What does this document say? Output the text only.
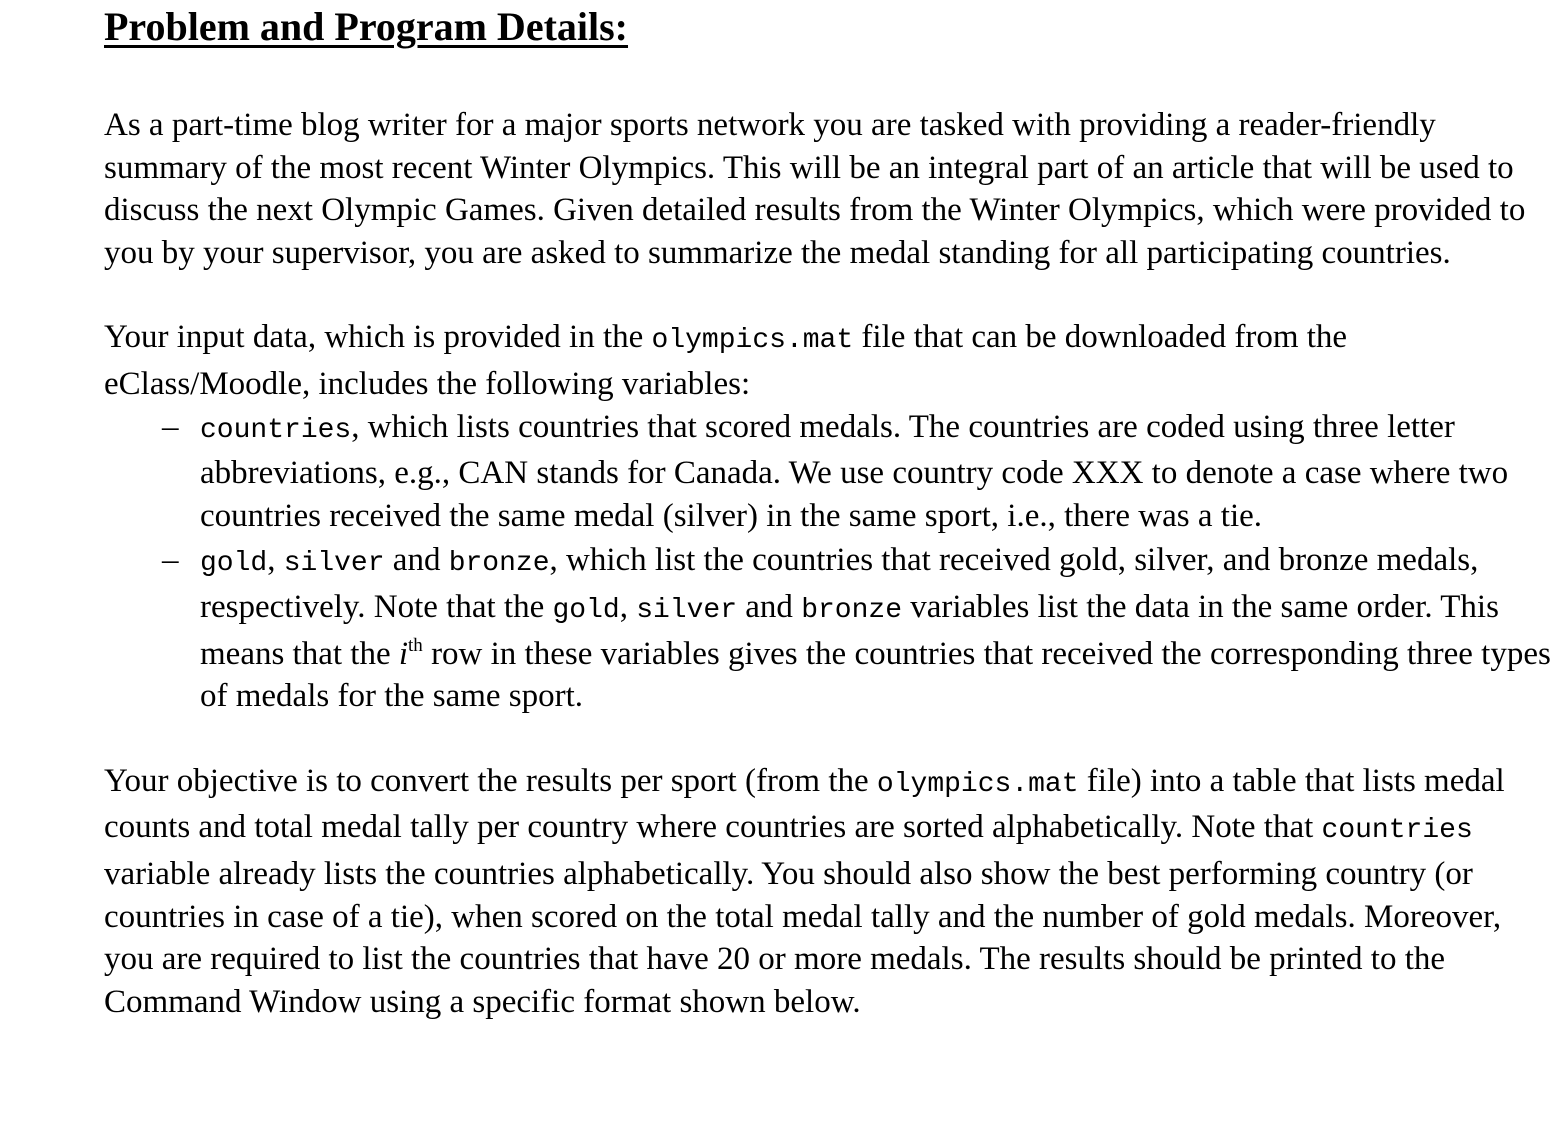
Problem and Program Details:

As a part-time blog writer for a major sports network you are tasked with providing a reader-friendly summary of the most recent Winter Olympics. This will be an integral part of an article that will be used to discuss the next Olympic Games. Given detailed results from the Winter Olympics, which were provided to you by your supervisor, you are asked to summarize the medal standing for all participating countries.

Your input data, which is provided in the olympics.mat file that can be downloaded from the eClass/Moodle, includes the following variables:

– countries, which lists countries that scored medals. The countries are coded using three letter abbreviations, e.g., CAN stands for Canada. We use country code XXX to denote a case where two countries received the same medal (silver) in the same sport, i.e., there was a tie.
– gold, silver and bronze, which list the countries that received gold, silver, and bronze medals, respectively. Note that the gold, silver and bronze variables list the data in the same order. This means that the $i^{th}$ row in these variables gives the countries that received the corresponding three types of medals for the same sport.

Your objective is to convert the results per sport (from the olympics.mat file) into a table that lists medal counts and total medal tally per country where countries are sorted alphabetically. Note that countries variable already lists the countries alphabetically. You should also show the best performing country (or countries in case of a tie), when scored on the total medal tally and the number of gold medals. Moreover, you are required to list the countries that have 20 or more medals. The results should be printed to the Command Window using a specific format shown below.
